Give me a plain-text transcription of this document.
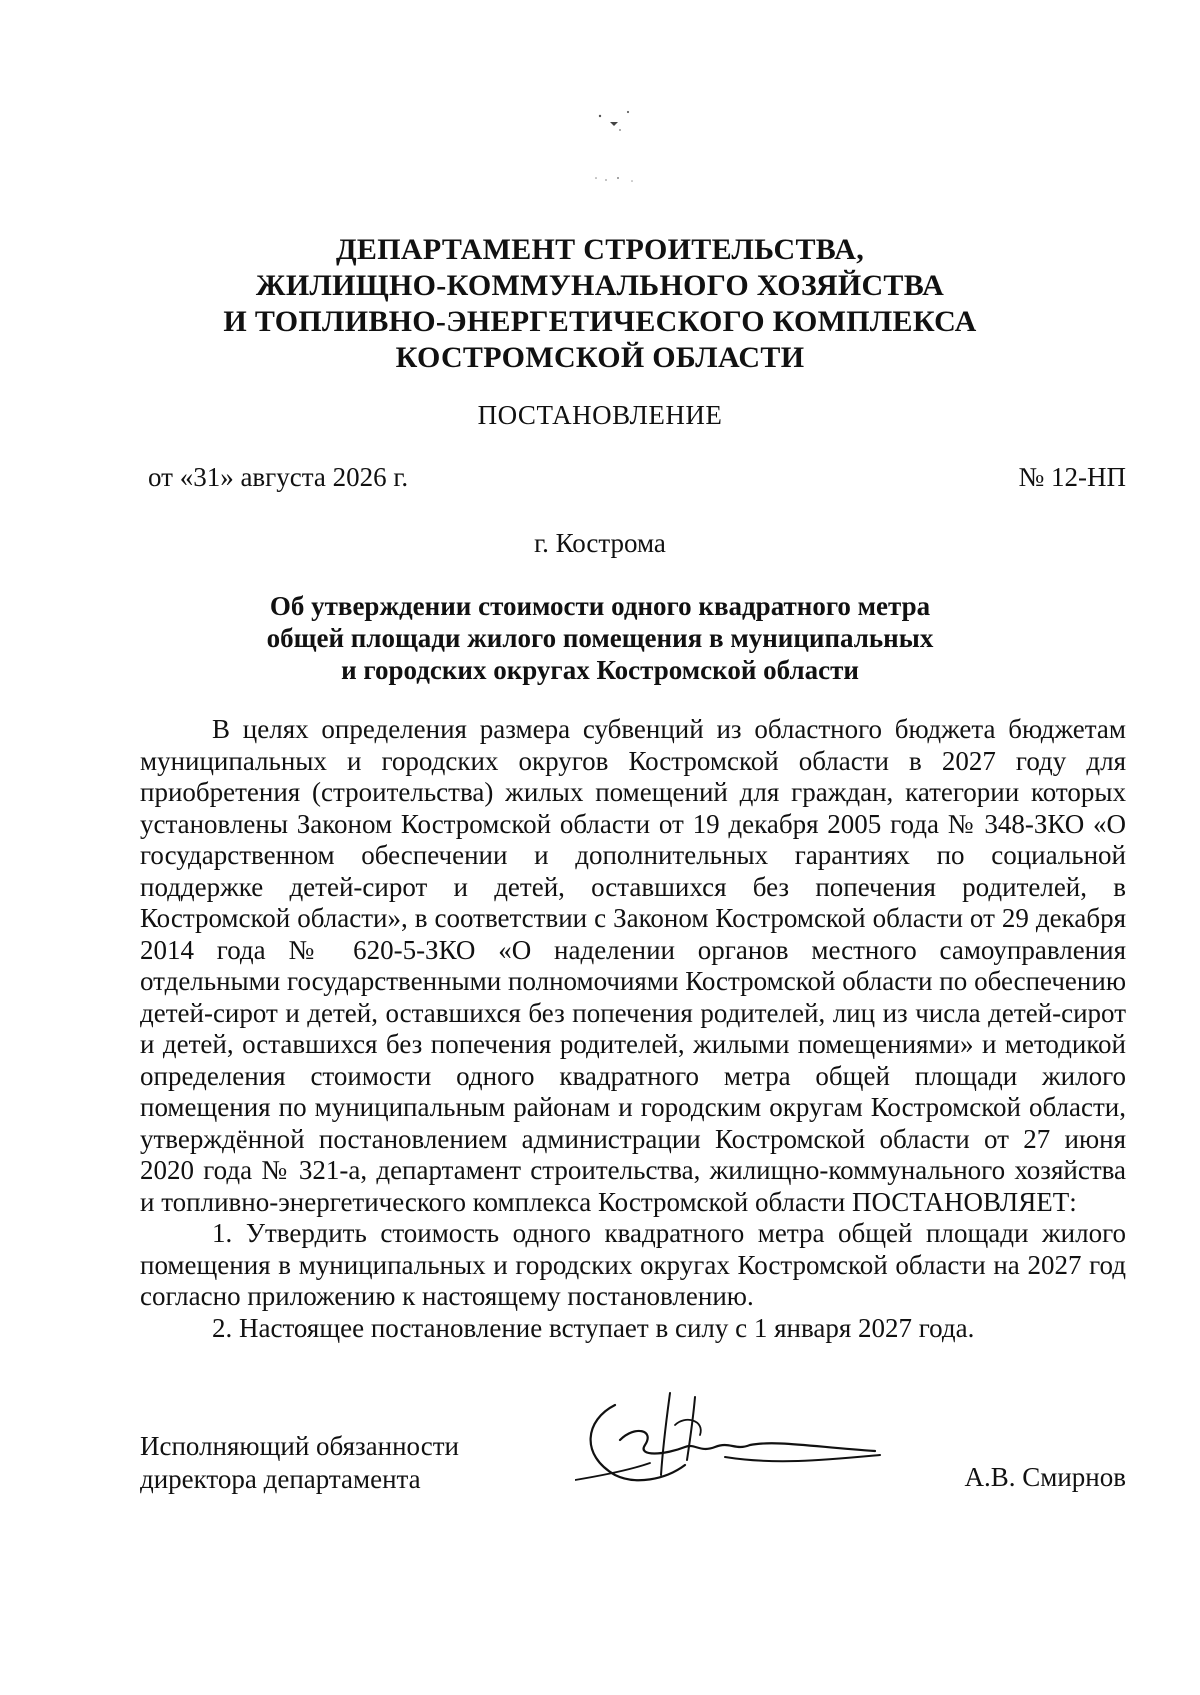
ДЕПАРТАМЕНТ СТРОИТЕЛЬСТВА,
ЖИЛИЩНО-КОММУНАЛЬНОГО ХОЗЯЙСТВА
И ТОПЛИВНО-ЭНЕРГЕТИЧЕСКОГО КОМПЛЕКСА
КОСТРОМСКОЙ ОБЛАСТИ
ПОСТАНОВЛЕНИЕ
от «31» августа 2026 г.	№ 12-НП
г. Кострома
Об утверждении стоимости одного квадратного метра
общей площади жилого помещения в муниципальных
и городских округах Костромской области

В целях определения размера субвенций из областного бюджета бюджетам муниципальных и городских округов Костромской области в 2027 году для приобретения (строительства) жилых помещений для граждан, категории которых установлены Законом Костромской области от 19 декабря 2005 года № 348-ЗКО «О государственном обеспечении и дополнительных гарантиях по социальной поддержке детей-сирот и детей, оставшихся без попечения родителей, в Костромской области», в соответствии с Законом Костромской области от 29 декабря 2014 года № 620-5-ЗКО «О наделении органов местного самоуправления отдельными государственными полномочиями Костромской области по обеспечению детей-сирот и детей, оставшихся без попечения родителей, лиц из числа детей-сирот и детей, оставшихся без попечения родителей, жилыми помещениями» и методикой определения стоимости одного квадратного метра общей площади жилого помещения по муниципальным районам и городским округам Костромской области, утверждённой постановлением администрации Костромской области от 27 июня 2020 года № 321-а, департамент строительства, жилищно-коммунального хозяйства и топливно-энергетического комплекса Костромской области ПОСТАНОВЛЯЕТ:

1. Утвердить стоимость одного квадратного метра общей площади жилого помещения в муниципальных и городских округах Костромской области на 2027 год согласно приложению к настоящему постановлению.

2. Настоящее постановление вступает в силу с 1 января 2027 года.

Исполняющий обязанности
директора департамента	А.В. Смирнов
